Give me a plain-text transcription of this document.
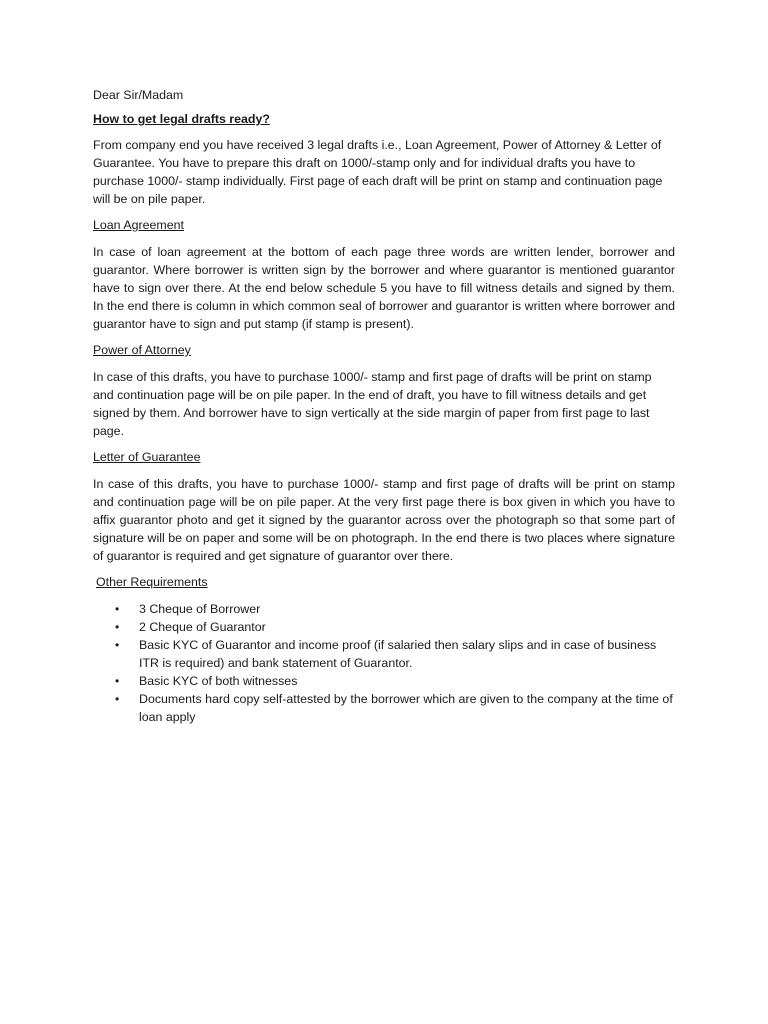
Dear Sir/Madam

How to get legal drafts ready?

From company end you have received 3 legal drafts i.e., Loan Agreement, Power of Attorney & Letter of Guarantee. You have to prepare this draft on 1000/-stamp only and for individual drafts you have to purchase 1000/- stamp individually. First page of each draft will be print on stamp and continuation page will be on pile paper.

Loan Agreement

In case of loan agreement at the bottom of each page three words are written lender, borrower and guarantor. Where borrower is written sign by the borrower and where guarantor is mentioned guarantor have to sign over there. At the end below schedule 5 you have to fill witness details and signed by them. In the end there is column in which common seal of borrower and guarantor is written where borrower and guarantor have to sign and put stamp (if stamp is present).

Power of Attorney

In case of this drafts, you have to purchase 1000/- stamp and first page of drafts will be print on stamp and continuation page will be on pile paper. In the end of draft, you have to fill witness details and get signed by them. And borrower have to sign vertically at the side margin of paper from first page to last page.

Letter of Guarantee

In case of this drafts, you have to purchase 1000/- stamp and first page of drafts will be print on stamp and continuation page will be on pile paper. At the very first page there is box given in which you have to affix guarantor photo and get it signed by the guarantor across over the photograph so that some part of signature will be on paper and some will be on photograph. In the end there is two places where signature of guarantor is required and get signature of guarantor over there.

Other Requirements

• 3 Cheque of Borrower
• 2 Cheque of Guarantor
• Basic KYC of Guarantor and income proof (if salaried then salary slips and in case of business ITR is required) and bank statement of Guarantor.
• Basic KYC of both witnesses
• Documents hard copy self-attested by the borrower which are given to the company at the time of loan apply
